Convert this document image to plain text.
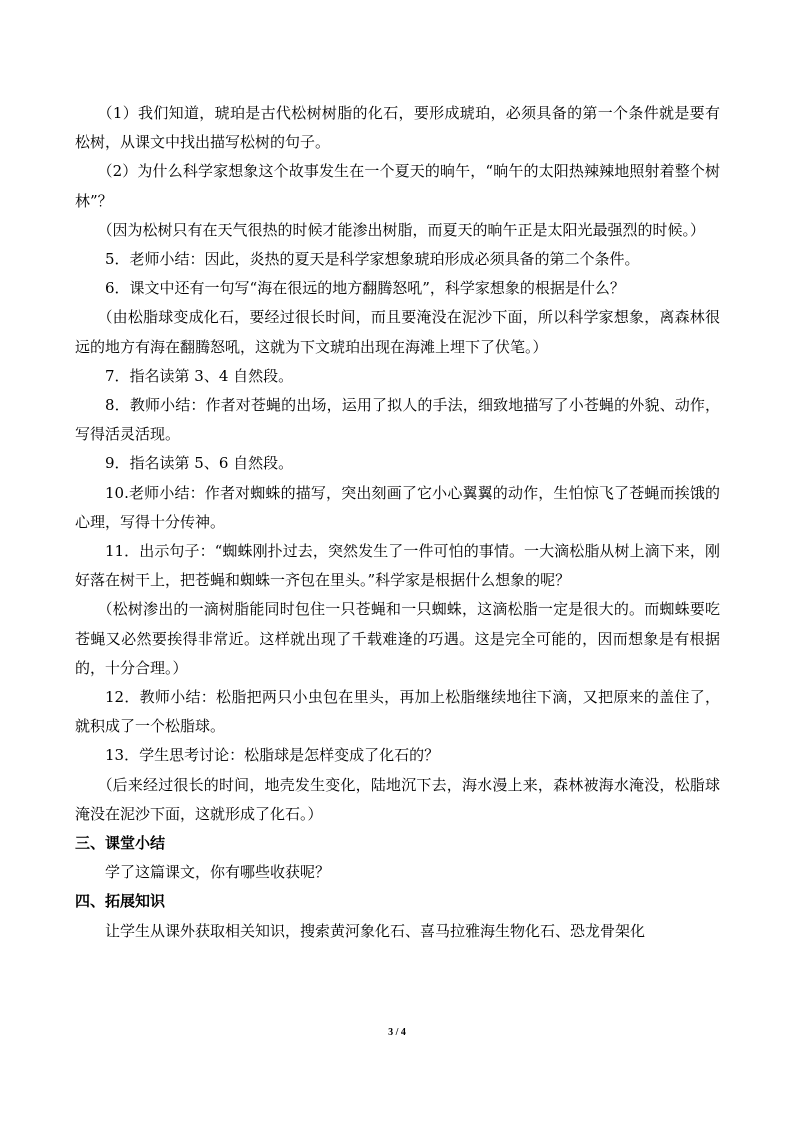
（1）我们知道，琥珀是古代松树树脂的化石，要形成琥珀，必须具备的第一个条件就是要有松树，从课文中找出描写松树的句子。

（2）为什么科学家想象这个故事发生在一个夏天的晌午，“晌午的太阳热辣辣地照射着整个树林”？

（因为松树只有在天气很热的时候才能渗出树脂，而夏天的晌午正是太阳光最强烈的时候。）

5．老师小结：因此，炎热的夏天是科学家想象琥珀形成必须具备的第二个条件。

6．课文中还有一句写“海在很远的地方翻腾怒吼”，科学家想象的根据是什么？

（由松脂球变成化石，要经过很长时间，而且要淹没在泥沙下面，所以科学家想象，离森林很远的地方有海在翻腾怒吼，这就为下文琥珀出现在海滩上埋下了伏笔。）

7．指名读第 3、4 自然段。

8．教师小结：作者对苍蝇的出场，运用了拟人的手法，细致地描写了小苍蝇的外貌、动作，写得活灵活现。

9．指名读第 5、6 自然段。

10.老师小结：作者对蜘蛛的描写，突出刻画了它小心翼翼的动作，生怕惊飞了苍蝇而挨饿的心理，写得十分传神。

11．出示句子：“蜘蛛刚扑过去，突然发生了一件可怕的事情。一大滴松脂从树上滴下来，刚好落在树干上，把苍蝇和蜘蛛一齐包在里头。”科学家是根据什么想象的呢？

（松树渗出的一滴树脂能同时包住一只苍蝇和一只蜘蛛，这滴松脂一定是很大的。而蜘蛛要吃苍蝇又必然要挨得非常近。这样就出现了千载难逢的巧遇。这是完全可能的，因而想象是有根据的，十分合理。）

12．教师小结：松脂把两只小虫包在里头，再加上松脂继续地往下滴，又把原来的盖住了，就积成了一个松脂球。

13．学生思考讨论：松脂球是怎样变成了化石的？

（后来经过很长的时间，地壳发生变化，陆地沉下去，海水漫上来，森林被海水淹没，松脂球淹没在泥沙下面，这就形成了化石。）

三、课堂小结

学了这篇课文，你有哪些收获呢？

四、拓展知识

让学生从课外获取相关知识，搜索黄河象化石、喜马拉雅海生物化石、恐龙骨架化

3 / 4
